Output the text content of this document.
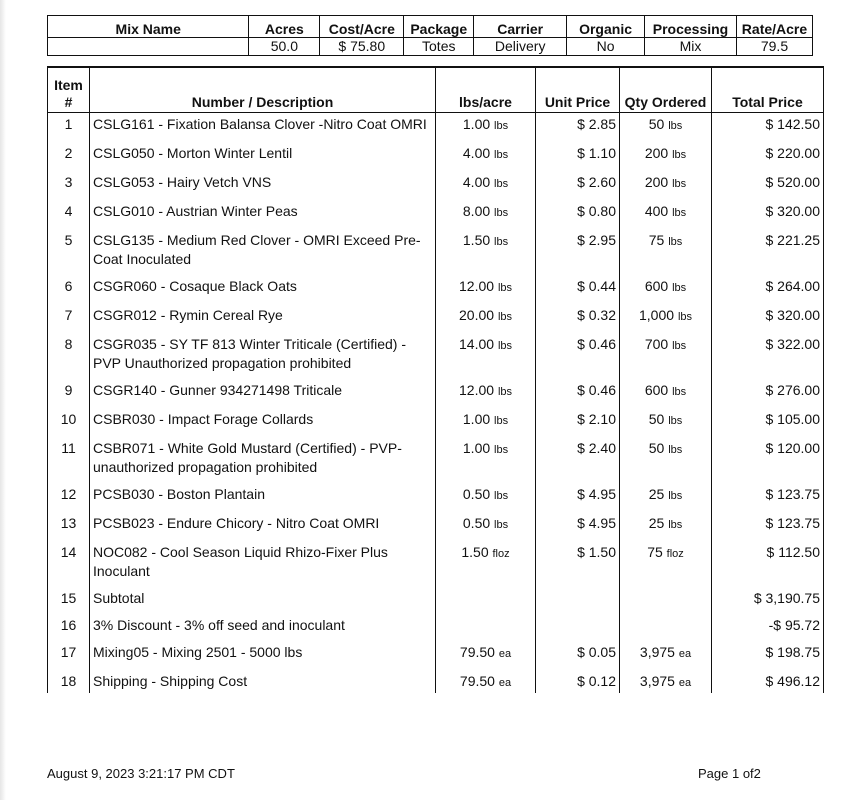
Mix Name	Acres	Cost/Acre	Package	Carrier	Organic	Processing	Rate/Acre
	50.0	$ 75.80	Totes	Delivery	No	Mix	79.5
Item #	Number / Description	lbs/acre	Unit Price	Qty Ordered	Total Price
1	CSLG161 - Fixation Balansa Clover -Nitro Coat OMRI	1.00 lbs	$ 2.85	50 lbs	$ 142.50
2	CSLG050 - Morton Winter Lentil	4.00 lbs	$ 1.10	200 lbs	$ 220.00
3	CSLG053 - Hairy Vetch VNS	4.00 lbs	$ 2.60	200 lbs	$ 520.00
4	CSLG010 - Austrian Winter Peas	8.00 lbs	$ 0.80	400 lbs	$ 320.00
5	CSLG135 - Medium Red Clover - OMRI Exceed Pre-Coat Inoculated	1.50 lbs	$ 2.95	75 lbs	$ 221.25
6	CSGR060 - Cosaque Black Oats	12.00 lbs	$ 0.44	600 lbs	$ 264.00
7	CSGR012 - Rymin Cereal Rye	20.00 lbs	$ 0.32	1,000 lbs	$ 320.00
8	CSGR035 - SY TF 813 Winter Triticale (Certified) - PVP Unauthorized propagation prohibited	14.00 lbs	$ 0.46	700 lbs	$ 322.00
9	CSGR140 - Gunner 934271498 Triticale	12.00 lbs	$ 0.46	600 lbs	$ 276.00
10	CSBR030 - Impact Forage Collards	1.00 lbs	$ 2.10	50 lbs	$ 105.00
11	CSBR071 - White Gold Mustard (Certified) - PVP-unauthorized propagation prohibited	1.00 lbs	$ 2.40	50 lbs	$ 120.00
12	PCSB030 - Boston Plantain	0.50 lbs	$ 4.95	25 lbs	$ 123.75
13	PCSB023 - Endure Chicory - Nitro Coat OMRI	0.50 lbs	$ 4.95	25 lbs	$ 123.75
14	NOC082 - Cool Season Liquid Rhizo-Fixer Plus Inoculant	1.50 floz	$ 1.50	75 floz	$ 112.50
15	Subtotal				$ 3,190.75
16	3% Discount - 3% off seed and inoculant				-$ 95.72
17	Mixing05 - Mixing 2501 - 5000 lbs	79.50 ea	$ 0.05	3,975 ea	$ 198.75
18	Shipping - Shipping Cost	79.50 ea	$ 0.12	3,975 ea	$ 496.12
August 9, 2023 3:21:17 PM CDT	Page 1 of2
